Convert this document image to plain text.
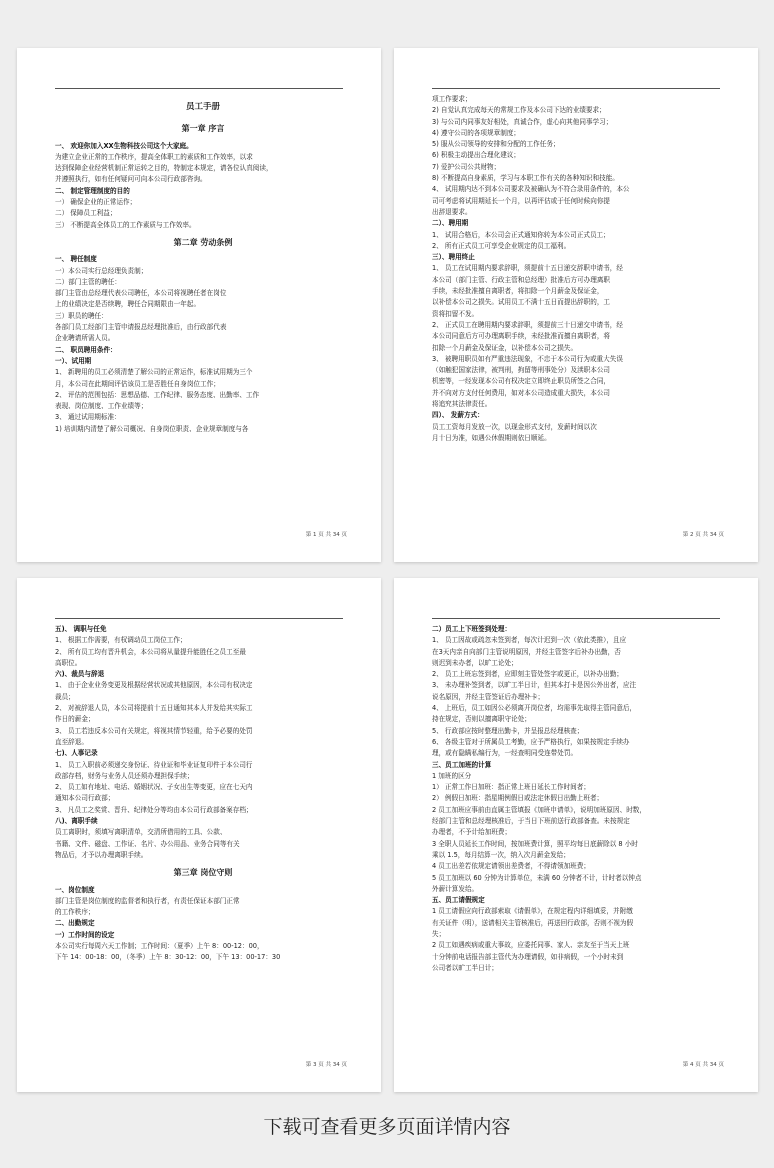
员工手册
第一章 序言
一、 欢迎你加入XX生物科技公司这个大家庭。
为建立企业正常的工作秩序，提高全体职工的素质和工作效率，以求
达到保障企业经营机制正常运转之目的，特制定本规定，请各位认真阅读，
并遵照执行，如有任何疑问可向本公司行政部咨询。
二、 制定管理制度的目的
一） 确保企业的正常运作；
二） 保障员工利益；
三） 不断提高全体员工的工作素质与工作效率。
第二章 劳动条例
一、 聘任制度
一）本公司实行总经理负责制；
二）部门主管的聘任：
部门主管由总经理代表公司聘任，本公司将视聘任者在岗位
上的业绩决定是否续聘，聘任合同期限由一年起。
三）职员的聘任：
各部门员工经部门主管申请报总经理批准后，由行政部代表
企业聘请所需人员。
二、 职员聘用条件：
一）、试用期
1、 新聘用的员工必须清楚了解公司的正常运作，标准试用期为三个
月，本公司在此期间评估该员工是否胜任自身岗位工作；
2、 评估的范围包括：思想品德、工作纪律、服务态度、出勤率、工作
表现、岗位制度、工作业绩等；
3、 通过试用期标准：
1) 培训期内清楚了解公司概况、自身岗位职责、企业规章制度与各
第 1 页 共 34 页
项工作要求；
2) 自觉认真完成每天的常规工作及本公司下达的业绩要求；
3) 与公司内同事友好相处，真诚合作，虚心向其他同事学习；
4) 遵守公司的各项规章制度；
5) 服从公司领导的安排和分配的工作任务；
6) 积极主动提出合理化建议；
7) 爱护公司公共财物；
8) 不断提高自身素质，学习与本职工作有关的各种知识和技能。
4、 试用期内达不到本公司要求及被确认为不符合录用条件的，本公
司可考虑将试用期延长一个月，以再评估或于任何时候向你提
出辞退要求。
二）、聘用期
1、 试用合格后，本公司会正式通知你转为本公司正式员工；
2、 所有正式员工可享受企业规定的员工福利。
三）、聘用终止
1、 员工在试用期内要求辞职，须提前十五日递交辞职申请书，经
本公司（部门主管、行政主管和总经理）批准后方可办理离职
手续，未经批准擅自离职者，将扣除一个月薪金及保证金，
以补偿本公司之损失。试用员工不满十五日而提出辞职的，工
资将扣留不发。
2、 正式员工在聘用期内要求辞职，须提前三十日递交申请书，经
本公司同意后方可办理离职手续，未经批准而擅自离职者，将
扣除一个月薪金及保证金，以补偿本公司之损失。
3、 被聘用职员如有严重违法现象，不忠于本公司行为或重大失误
（如触犯国家法律，被判刑，拘留等刑事处分）及渎职本公司
机密等，一经发现本公司有权决定立即终止职员所签之合同，
并不向对方支付任何费用，如对本公司造成重大损失，本公司
将追究其法律责任。
四）、 发薪方式：
员工工资每月发放一次，以现金形式支付，发薪时间以次
月十日为准，如遇公休假期则依日顺延。
第 2 页 共 34 页
五)、 调职与任免
1、 根据工作需要，有权调动员工岗位工作；
2、 所有员工均有晋升机会，本公司将从量提升能胜任之员工至最
高职位。
六)、裁员与辞退
1、 由于企业业务变更及根据经营状况或其他原因，本公司有权决定
裁员；
2、 对被辞退人员，本公司将提前十五日通知其本人并发给其实际工
作日的薪金；
3、 员工若违反本公司有关规定，将视其情节轻重，给予必要的处罚
直至辞退。
七)、人事记录
1、 员工入职前必须递交身份证、待业证和毕业证复印件于本公司行
政部存档，财务与业务人员还须办理担保手续；
2、 员工如有地址、电话、婚姻状况、子女出生等变更，应在七天内
通知本公司行政部；
3、 凡员工之奖赏、晋升、纪律处分等均由本公司行政部备案存档；
八)、离职手续
员工离职时，须填写离职清单，交清所借用的工具、公款、
书籍、文件、磁盘、工作证、名片、办公用品、业务合同等有关
物品后，才予以办理离职手续。
第三章 岗位守则
一、岗位制度
部门主管是岗位制度的监督者和执行者，有责任保证本部门正常
的工作秩序；
二、出勤规定
一）工作时间的设定
本公司实行每周六天工作制；工作时间：（夏季）上午 8：00-12：00，
下午 14：00-18：00，（冬季）上午 8：30-12：00，下午 13：00-17：30
第 3 页 共 34 页
二）员工上下班签到处理：
1、 员工因故或疏忽未签到者，每次计迟到一次（依此类推），且应
在3天内亲自向部门主管说明原因，并经主管签字后补办出勤，否
则迟到未办者，以旷工论处；
2、 员工上班忘签到者，应即刻主管处签字或更正，以补办出勤；
3、 未办理补签到者，以旷工半日计，但其本打卡是因公外出者，应注
说名原因，并经主管签证后办理补卡；
4、 上班后，员工如因公必须离开岗位者，均需事先取得主管同意后，
持在规定，否则以擅离职守论处；
5、 行政部应按时整理出勤卡，并呈报总经理核查；
6、 各级主管对于所属员工考勤，应予严格执行，如果按规定手续办
理，或有隐瞒私编行为，一经查明同受连带处罚。
三、员工加班的计算
1 加班的区分
1） 正常工作日加班：指正常上班日延长工作时间者；
2） 例假日加班：指星期例假日或法定休假日出勤上班者；
2 员工加班应事前由直属主管填报《加班申请单》，说明加班原因、时数，
经部门主管和总经理核准后，于当日下班前送行政部备查。未按规定
办理者，不予计给加班费；
3 全职人员延长工作时间，按加班费计算，照平均每日底薪除以 8 小时
乘以 1.5，每月结算一次，纳入次月薪金发给；
4 员工出差若依规定请领出差费者，不得请领加班费；
5 员工加班以 60 分钟为计算单位，未满 60 分钟者不计，计时者以钟点
外薪计算发给。
五、员工请假规定
1 员工请假应向行政部索取《请假单》，在规定程内详细填妥，并附缴
有关证件（明），送请相关主管核准后，再送回行政部，否则不视为假
失；
2 员工如遇疾病或重大事故，应委托同事、家人、亲友至于当天上班
十分钟前电话报告部主管代为办理请假，如非病假，一个小时未到
公司者以旷工半日计；
第 4 页 共 34 页
下载可查看更多页面详情内容
